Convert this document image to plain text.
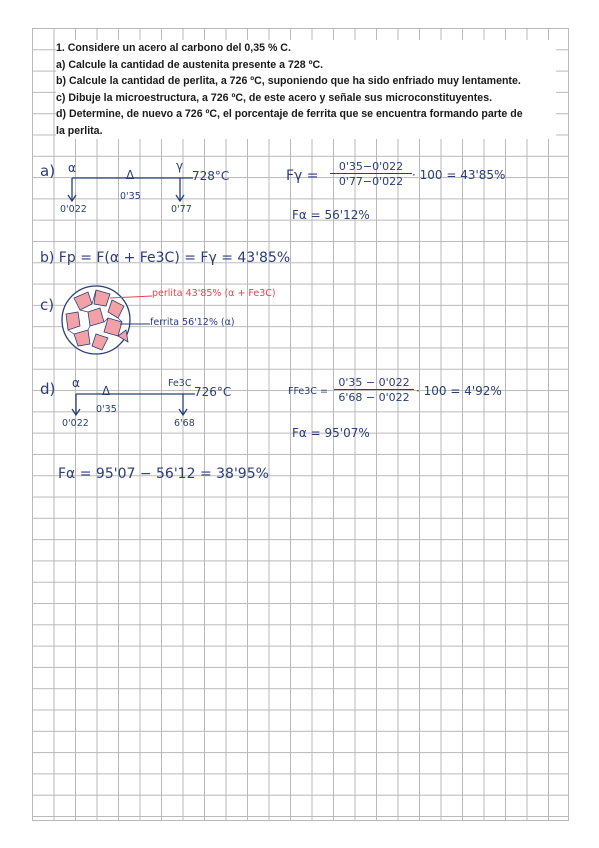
1. Considere un acero al carbono del 0,35 % C.

a) Calcule la cantidad de austenita presente a 728 ºC.

b) Calcule la cantidad de perlita, a 726 ºC, suponiendo que ha sido enfriado muy lentamente.

c) Dibuje la microestructura, a 726 ºC, de este acero y señale sus microconstituyentes.

d) Determine, de nuevo a 726 ºC, el porcentaje de ferrita que se encuentra formando parte de

la perlita.

a) α	γ
728°C
Δ
0'35
0'022	0'77
$F\gamma = \frac{0'35-0'022}{0'77-0'022} \cdot 100 = 43'85\%$
Fα = 56'12%
b) Fp = F(α + Fe3C) = Fγ = 43'85%
c)
perlita 43'85% (α + Fe3C)
ferrita 56'12% (α)
d) α	Fe3C
726°C
Δ
0'35
0'022	6'68
$FFe3C = \frac{0'35 - 0'022}{6'68 - 0'022} \cdot 100 = 4'92\%$
Fα = 95'07%
Fα = 95'07 − 56'12 = 38'95%
